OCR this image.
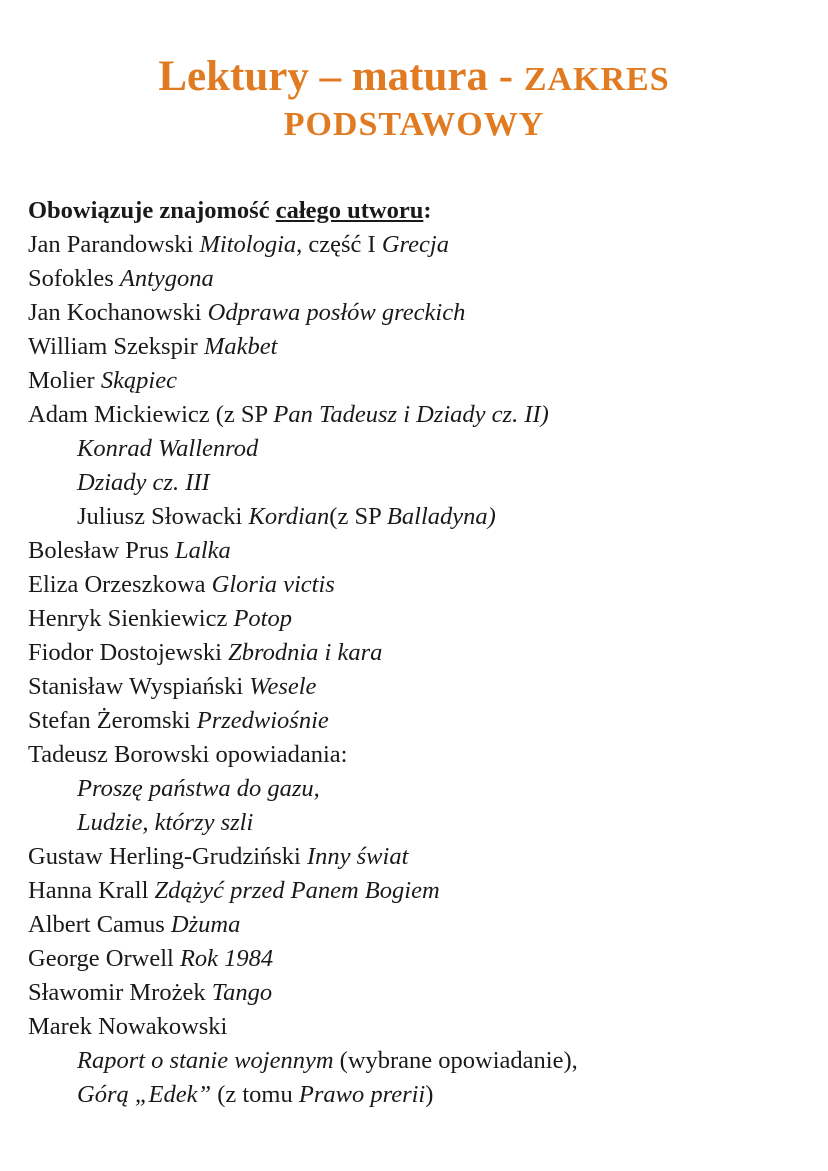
Lektury – matura - ZAKRES
PODSTAWOWY
Obowiązuje znajomość całego utworu:
Jan Parandowski Mitologia, część I Grecja
Sofokles Antygona
Jan Kochanowski Odprawa posłów greckich
William Szekspir Makbet
Molier Skąpiec
Adam Mickiewicz (z SP Pan Tadeusz i Dziady cz. II)
Konrad Wallenrod
Dziady cz. III
Juliusz Słowacki Kordian(z SP Balladyna)
Bolesław Prus Lalka
Eliza Orzeszkowa Gloria victis
Henryk Sienkiewicz Potop
Fiodor Dostojewski Zbrodnia i kara
Stanisław Wyspiański Wesele
Stefan Żeromski Przedwiośnie
Tadeusz Borowski opowiadania:
Proszę państwa do gazu,
Ludzie, którzy szli
Gustaw Herling-Grudziński Inny świat
Hanna Krall Zdążyć przed Panem Bogiem
Albert Camus Dżuma
George Orwell Rok 1984
Sławomir Mrożek Tango
Marek Nowakowski
Raport o stanie wojennym (wybrane opowiadanie),
Górą „Edek” (z tomu Prawo prerii)
